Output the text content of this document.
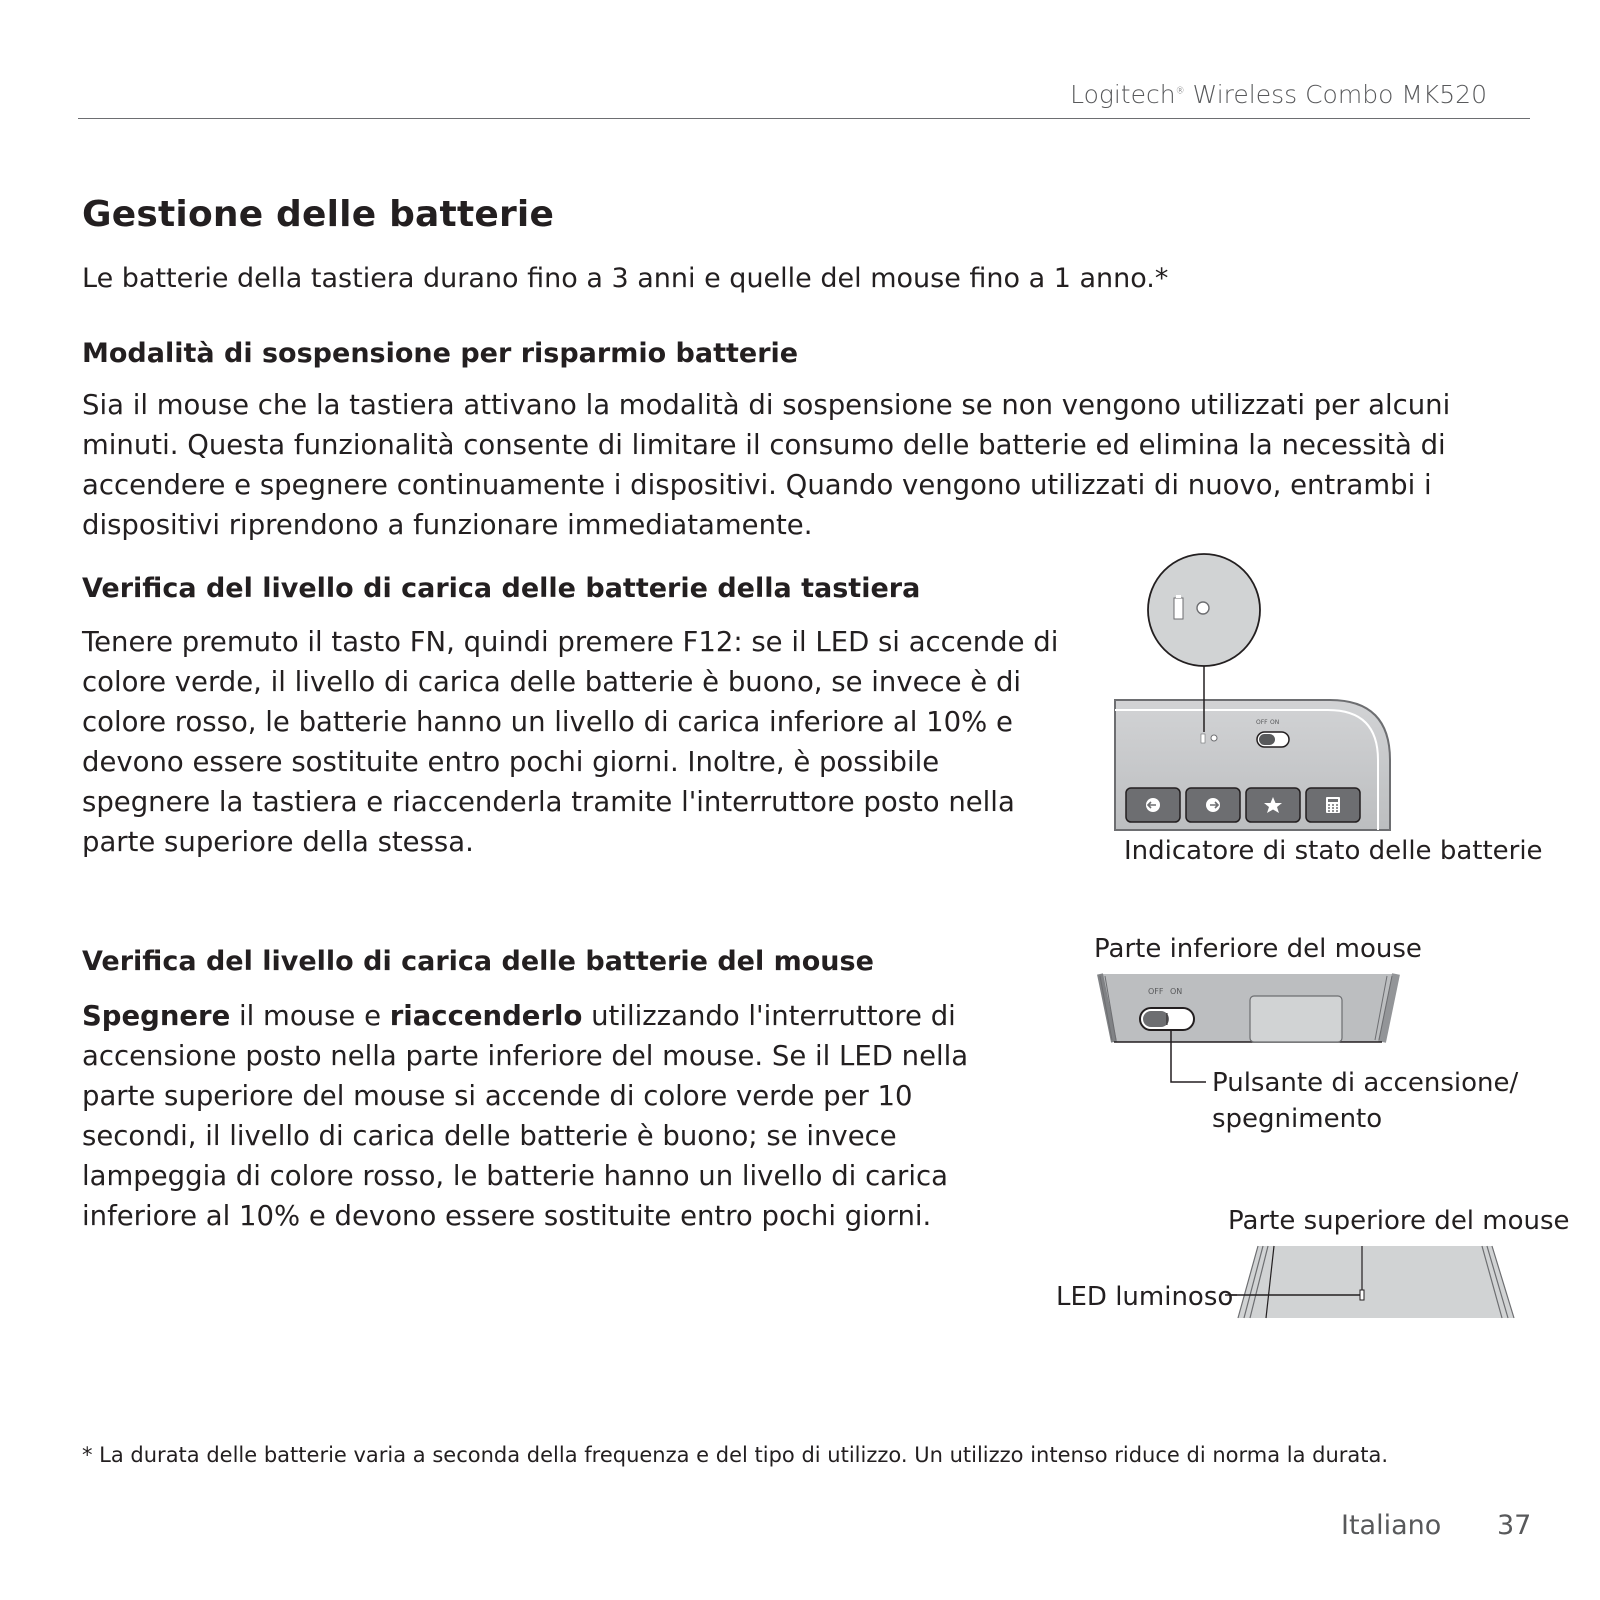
Logitech® Wireless Combo MK520
Gestione delle batterie
Le batterie della tastiera durano fino a 3 anni e quelle del mouse fino a 1 anno.*
Modalità di sospensione per risparmio batterie

Sia il mouse che la tastiera attivano la modalità di sospensione se non vengono utilizzati per alcuni minuti. Questa funzionalità consente di limitare il consumo delle batterie ed elimina la necessità di accendere e spegnere continuamente i dispositivi. Quando vengono utilizzati di nuovo, entrambi i dispositivi riprendono a funzionare immediatamente.

Verifica del livello di carica delle batterie della tastiera

Tenere premuto il tasto FN, quindi premere F12: se il LED si accende di colore verde, il livello di carica delle batterie è buono, se invece è di colore rosso, le batterie hanno un livello di carica inferiore al 10% e devono essere sostituite entro pochi giorni. Inoltre, è possibile spegnere la tastiera e riaccenderla tramite l'interruttore posto nella parte superiore della stessa.

Verifica del livello di carica delle batterie del mouse

Spegnere il mouse e riaccenderlo utilizzando l'interruttore di accensione posto nella parte inferiore del mouse. Se il LED nella parte superiore del mouse si accende di colore verde per 10 secondi, il livello di carica delle batterie è buono; se invece lampeggia di colore rosso, le batterie hanno un livello di carica inferiore al 10% e devono essere sostituite entro pochi giorni.

OFF ON
Indicatore di stato delle batterie
Parte inferiore del mouse
OFF ON
Pulsante di accensione/
spegnimento
Parte superiore del mouse
LED luminoso
* La durata delle batterie varia a seconda della frequenza e del tipo di utilizzo. Un utilizzo intenso riduce di norma la durata.
Italiano 37
